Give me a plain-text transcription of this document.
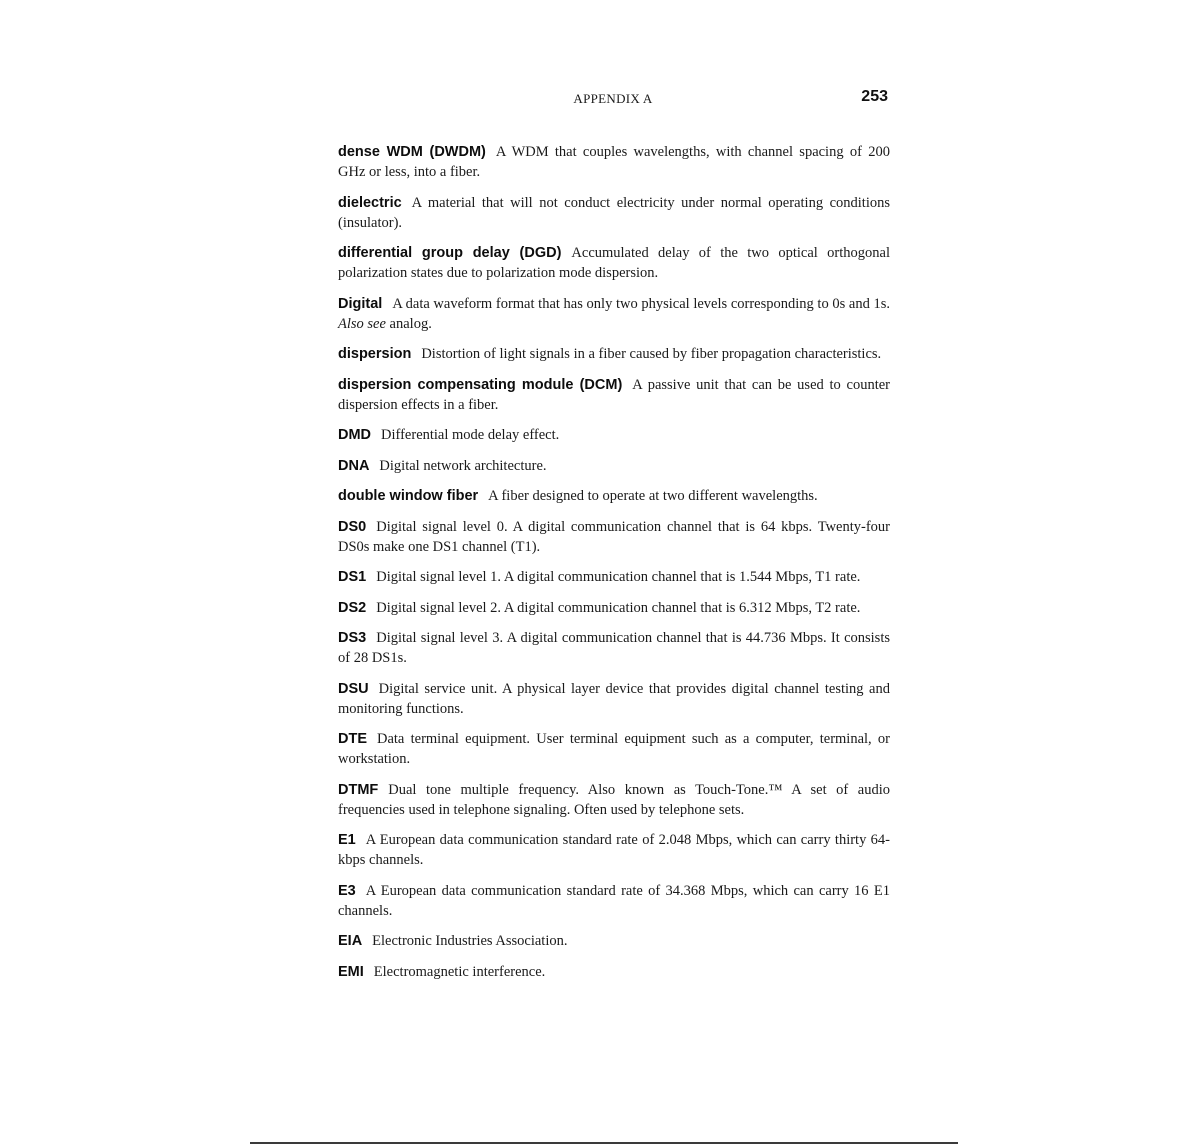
APPENDIX A	253
dense WDM (DWDM) A WDM that couples wavelengths, with channel spacing of 200 GHz or less, into a fiber.
dielectric A material that will not conduct electricity under normal operating conditions (insulator).
differential group delay (DGD) Accumulated delay of the two optical orthogonal polarization states due to polarization mode dispersion.
Digital A data waveform format that has only two physical levels corresponding to 0s and 1s. Also see analog.
dispersion Distortion of light signals in a fiber caused by fiber propagation characteristics.
dispersion compensating module (DCM) A passive unit that can be used to counter dispersion effects in a fiber.
DMD Differential mode delay effect.
DNA Digital network architecture.
double window fiber A fiber designed to operate at two different wavelengths.
DS0 Digital signal level 0. A digital communication channel that is 64 kbps. Twenty-four DS0s make one DS1 channel (T1).
DS1 Digital signal level 1. A digital communication channel that is 1.544 Mbps, T1 rate.
DS2 Digital signal level 2. A digital communication channel that is 6.312 Mbps, T2 rate.
DS3 Digital signal level 3. A digital communication channel that is 44.736 Mbps. It consists of 28 DS1s.
DSU Digital service unit. A physical layer device that provides digital channel testing and monitoring functions.
DTE Data terminal equipment. User terminal equipment such as a computer, terminal, or workstation.
DTMF Dual tone multiple frequency. Also known as Touch-Tone.™ A set of audio frequencies used in telephone signaling. Often used by telephone sets.
E1 A European data communication standard rate of 2.048 Mbps, which can carry thirty 64-kbps channels.
E3 A European data communication standard rate of 34.368 Mbps, which can carry 16 E1 channels.
EIA Electronic Industries Association.
EMI Electromagnetic interference.
